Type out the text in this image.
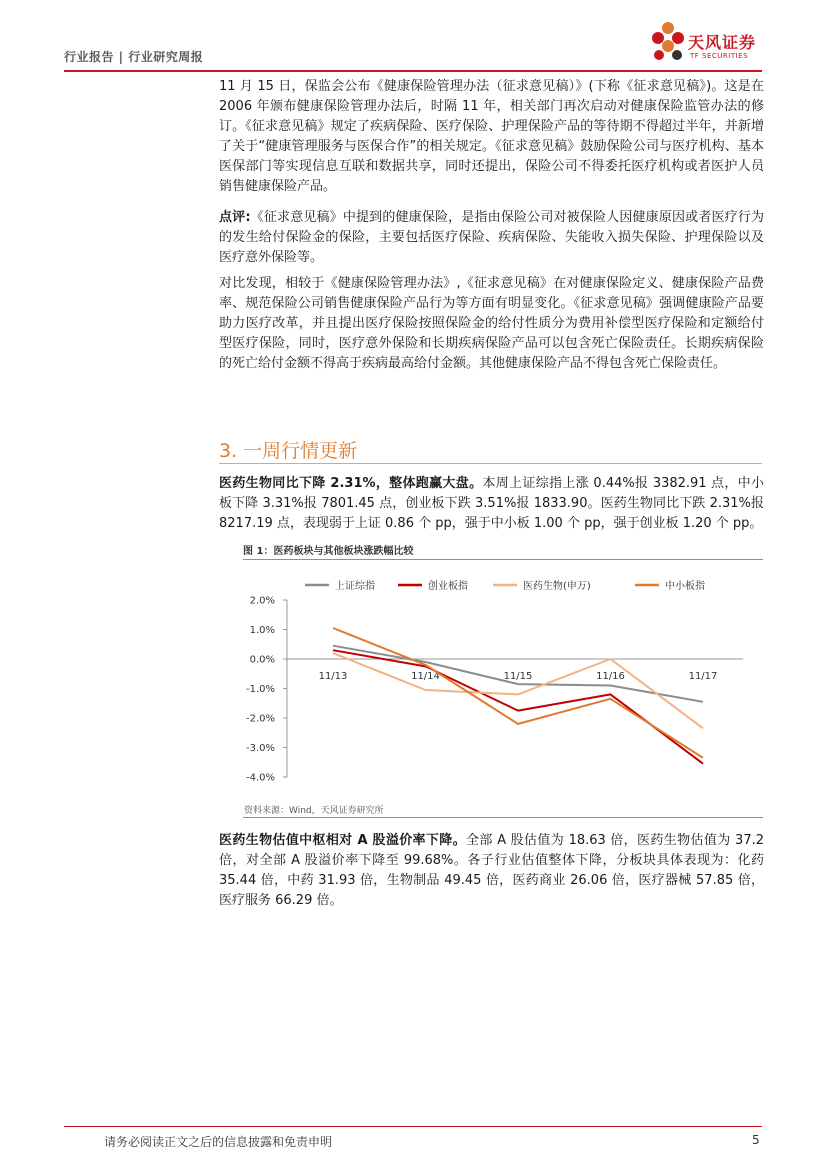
行业报告 | 行业研究周报
天风证券
TF SECURITIES

11 月 15 日，保监会公布《健康保险管理办法（征求意见稿）》(下称《征求意见稿》)。这是在 2006 年颁布健康保险管理办法后，时隔 11 年，相关部门再次启动对健康保险监管办法的修订。《征求意见稿》规定了疾病保险、医疗保险、护理保险产品的等待期不得超过半年，并新增了关于“健康管理服务与医保合作”的相关规定。《征求意见稿》鼓励保险公司与医疗机构、基本医保部门等实现信息互联和数据共享，同时还提出，保险公司不得委托医疗机构或者医护人员销售健康保险产品。

点评:《征求意见稿》中提到的健康保险，是指由保险公司对被保险人因健康原因或者医疗行为的发生给付保险金的保险，主要包括医疗保险、疾病保险、失能收入损失保险、护理保险以及医疗意外保险等。

对比发现，相较于《健康保险管理办法》,《征求意见稿》在对健康保险定义、健康保险产品费率、规范保险公司销售健康保险产品行为等方面有明显变化。《征求意见稿》强调健康险产品要助力医疗改革，并且提出医疗保险按照保险金的给付性质分为费用补偿型医疗保险和定额给付型医疗保险，同时，医疗意外保险和长期疾病保险产品可以包含死亡保险责任。长期疾病保险的死亡给付金额不得高于疾病最高给付金额。其他健康保险产品不得包含死亡保险责任。

3. 一周行情更新

医药生物同比下降 2.31%，整体跑赢大盘。本周上证综指上涨 0.44%报 3382.91 点，中小板下降 3.31%报 7801.45 点，创业板下跌 3.51%报 1833.90。医药生物同比下跌 2.31%报 8217.19 点，表现弱于上证 0.86 个 pp，强于中小板 1.00 个 pp，强于创业板 1.20 个 pp。

图 1：医药板块与其他板块涨跌幅比较
2.0%
1.0%
0.0%
-1.0%
-2.0%
-3.0%
-4.0%
11/13	11/14	11/15	11/16	11/17
上证综指	创业板指	医药生物(申万)	中小板指
资料来源：Wind，天风证券研究所

医药生物估值中枢相对 A 股溢价率下降。全部 A 股估值为 18.63 倍，医药生物估值为 37.2 倍，对全部 A 股溢价率下降至 99.68%。各子行业估值整体下降，分板块具体表现为：化药 35.44 倍，中药 31.93 倍，生物制品 49.45 倍，医药商业 26.06 倍，医疗器械 57.85 倍，医疗服务 66.29 倍。

请务必阅读正文之后的信息披露和免责申明	5
